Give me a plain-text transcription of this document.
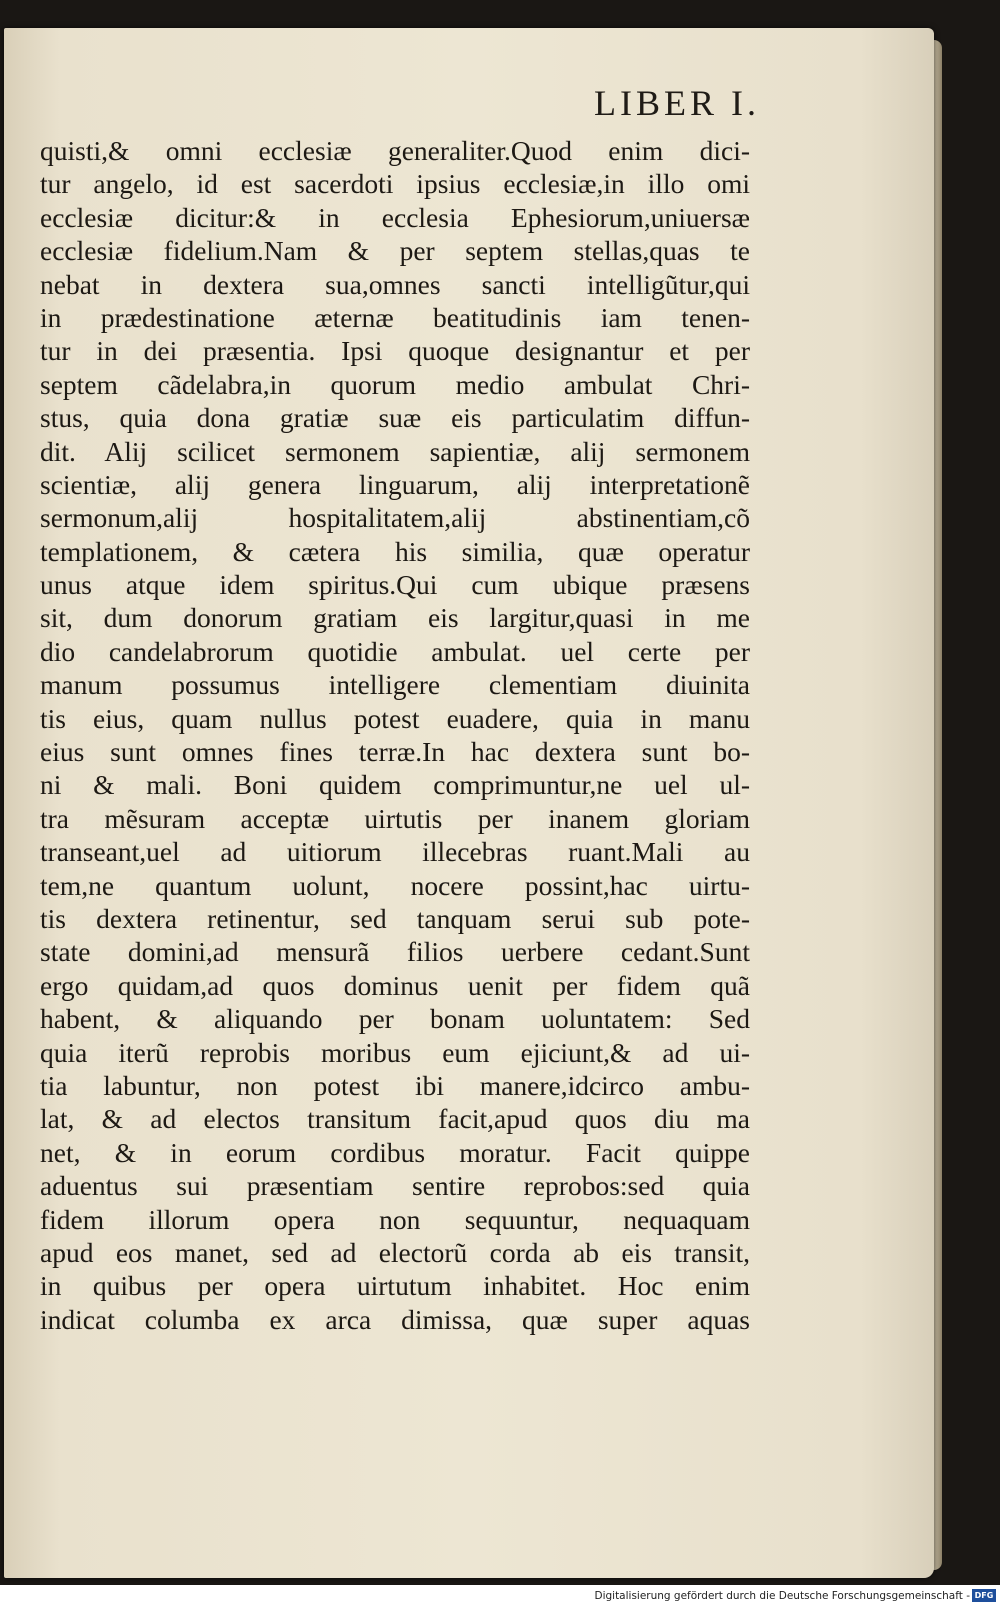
LIBER I.
quisti,& omni ecclesiæ generaliter.Quod enim dici-
tur angelo, id est sacerdoti ipsius ecclesiæ,in illo omi
ecclesiæ dicitur:& in ecclesia Ephesiorum,uniuersæ
ecclesiæ fidelium.Nam & per septem stellas,quas te
nebat in dextera sua,omnes sancti intelligũtur,qui
in prædestinatione æternæ beatitudinis iam tenen-
tur in dei præsentia. Ipsi quoque designantur et per
septem cãdelabra,in quorum medio ambulat Chri-
stus, quia dona gratiæ suæ eis particulatim diffun-
dit. Alij scilicet sermonem sapientiæ, alij sermonem
scientiæ, alij genera linguarum, alij interpretationẽ
sermonum,alij hospitalitatem,alij abstinentiam,cõ
templationem, & cætera his similia, quæ operatur
unus atque idem spiritus.Qui cum ubique præsens
sit, dum donorum gratiam eis largitur,quasi in me
dio candelabrorum quotidie ambulat. uel certe per
manum possumus intelligere clementiam diuinita
tis eius, quam nullus potest euadere, quia in manu
eius sunt omnes fines terræ.In hac dextera sunt bo-
ni & mali. Boni quidem comprimuntur,ne uel ul-
tra mẽsuram acceptæ uirtutis per inanem gloriam
transeant,uel ad uitiorum illecebras ruant.Mali au
tem,ne quantum uolunt, nocere possint,hac uirtu-
tis dextera retinentur, sed tanquam serui sub pote-
state domini,ad mensurã filios uerbere cedant.Sunt
ergo quidam,ad quos dominus uenit per fidem quã
habent, & aliquando per bonam uoluntatem: Sed
quia iterũ reprobis moribus eum ejiciunt,& ad ui-
tia labuntur, non potest ibi manere,idcirco ambu-
lat, & ad electos transitum facit,apud quos diu ma
net, & in eorum cordibus moratur. Facit quippe
aduentus sui præsentiam sentire reprobos:sed quia
fidem illorum opera non sequuntur, nequaquam
apud eos manet, sed ad electorũ corda ab eis transit,
in quibus per opera uirtutum inhabitet. Hoc enim
indicat columba ex arca dimissa, quæ super aquas
Digitalisierung gefördert durch die Deutsche Forschungsgemeinschaft - DFG
